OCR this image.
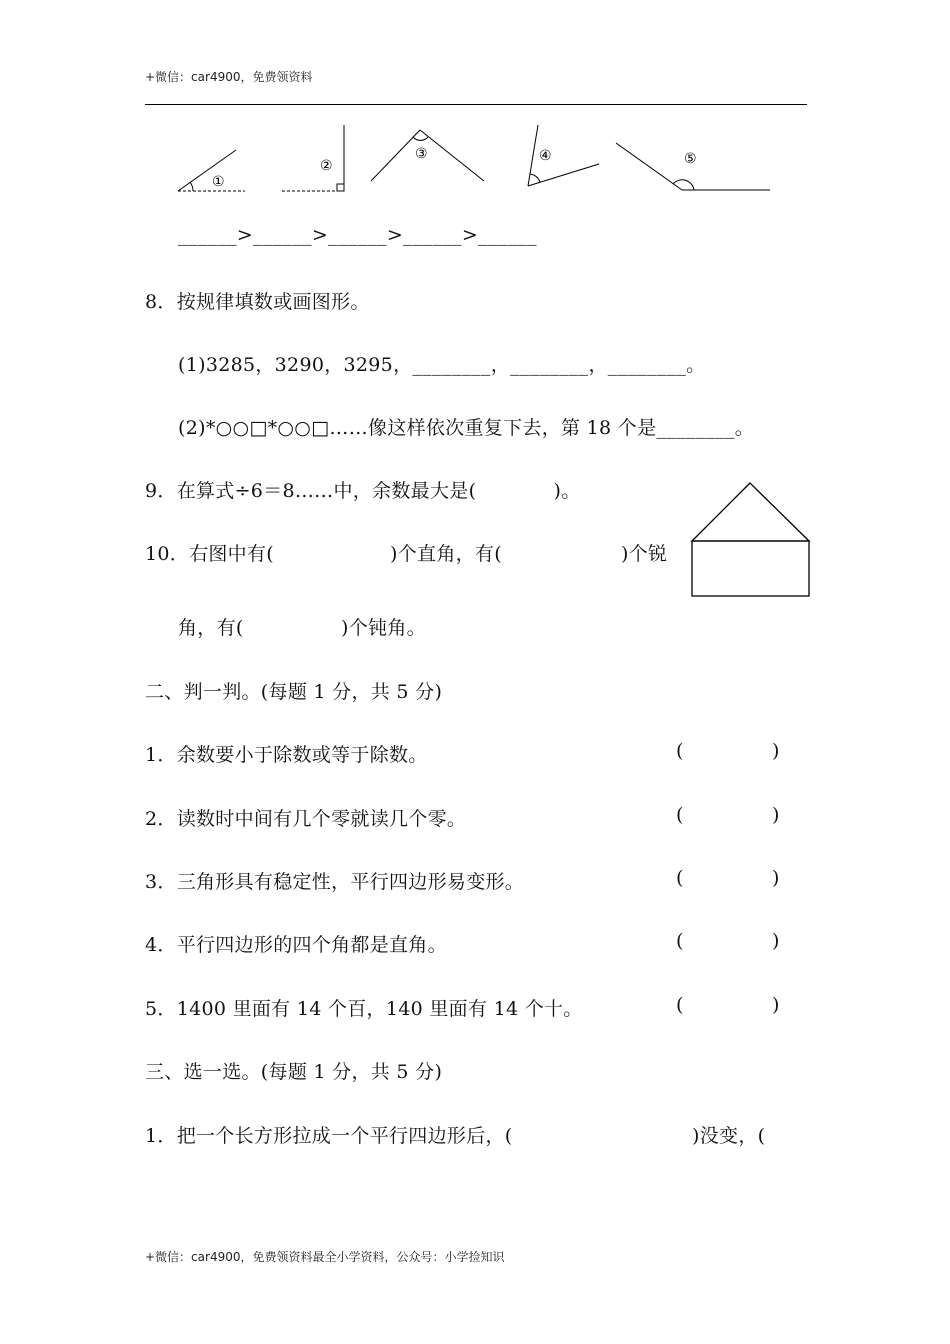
+微信：car4900，免费领资料
①
②
③	④	⑤
______>______>______>______>______
8．按规律填数或画图形。
(1)3285，3290，3295，________，________，________。
(2)*○○□*○○□……像这样依次重复下去，第 18 个是________。
9．在算式÷6＝8……中，余数最大是(　　　　)。
10．右图中有(	)个直角，有(	)个锐
角，有(	)个钝角。
二、判一判。(每题 1 分，共 5 分)
1．余数要小于除数或等于除数。	(	)
2．读数时中间有几个零就读几个零。	(	)
3．三角形具有稳定性，平行四边形易变形。	(	)
4．平行四边形的四个角都是直角。	(	)
5．1400 里面有 14 个百，140 里面有 14 个十。	(	)
三、选一选。(每题 1 分，共 5 分)
1．把一个长方形拉成一个平行四边形后，(	)没变，(
+微信：car4900，免费领资料最全小学资料，公众号：小学捡知识
